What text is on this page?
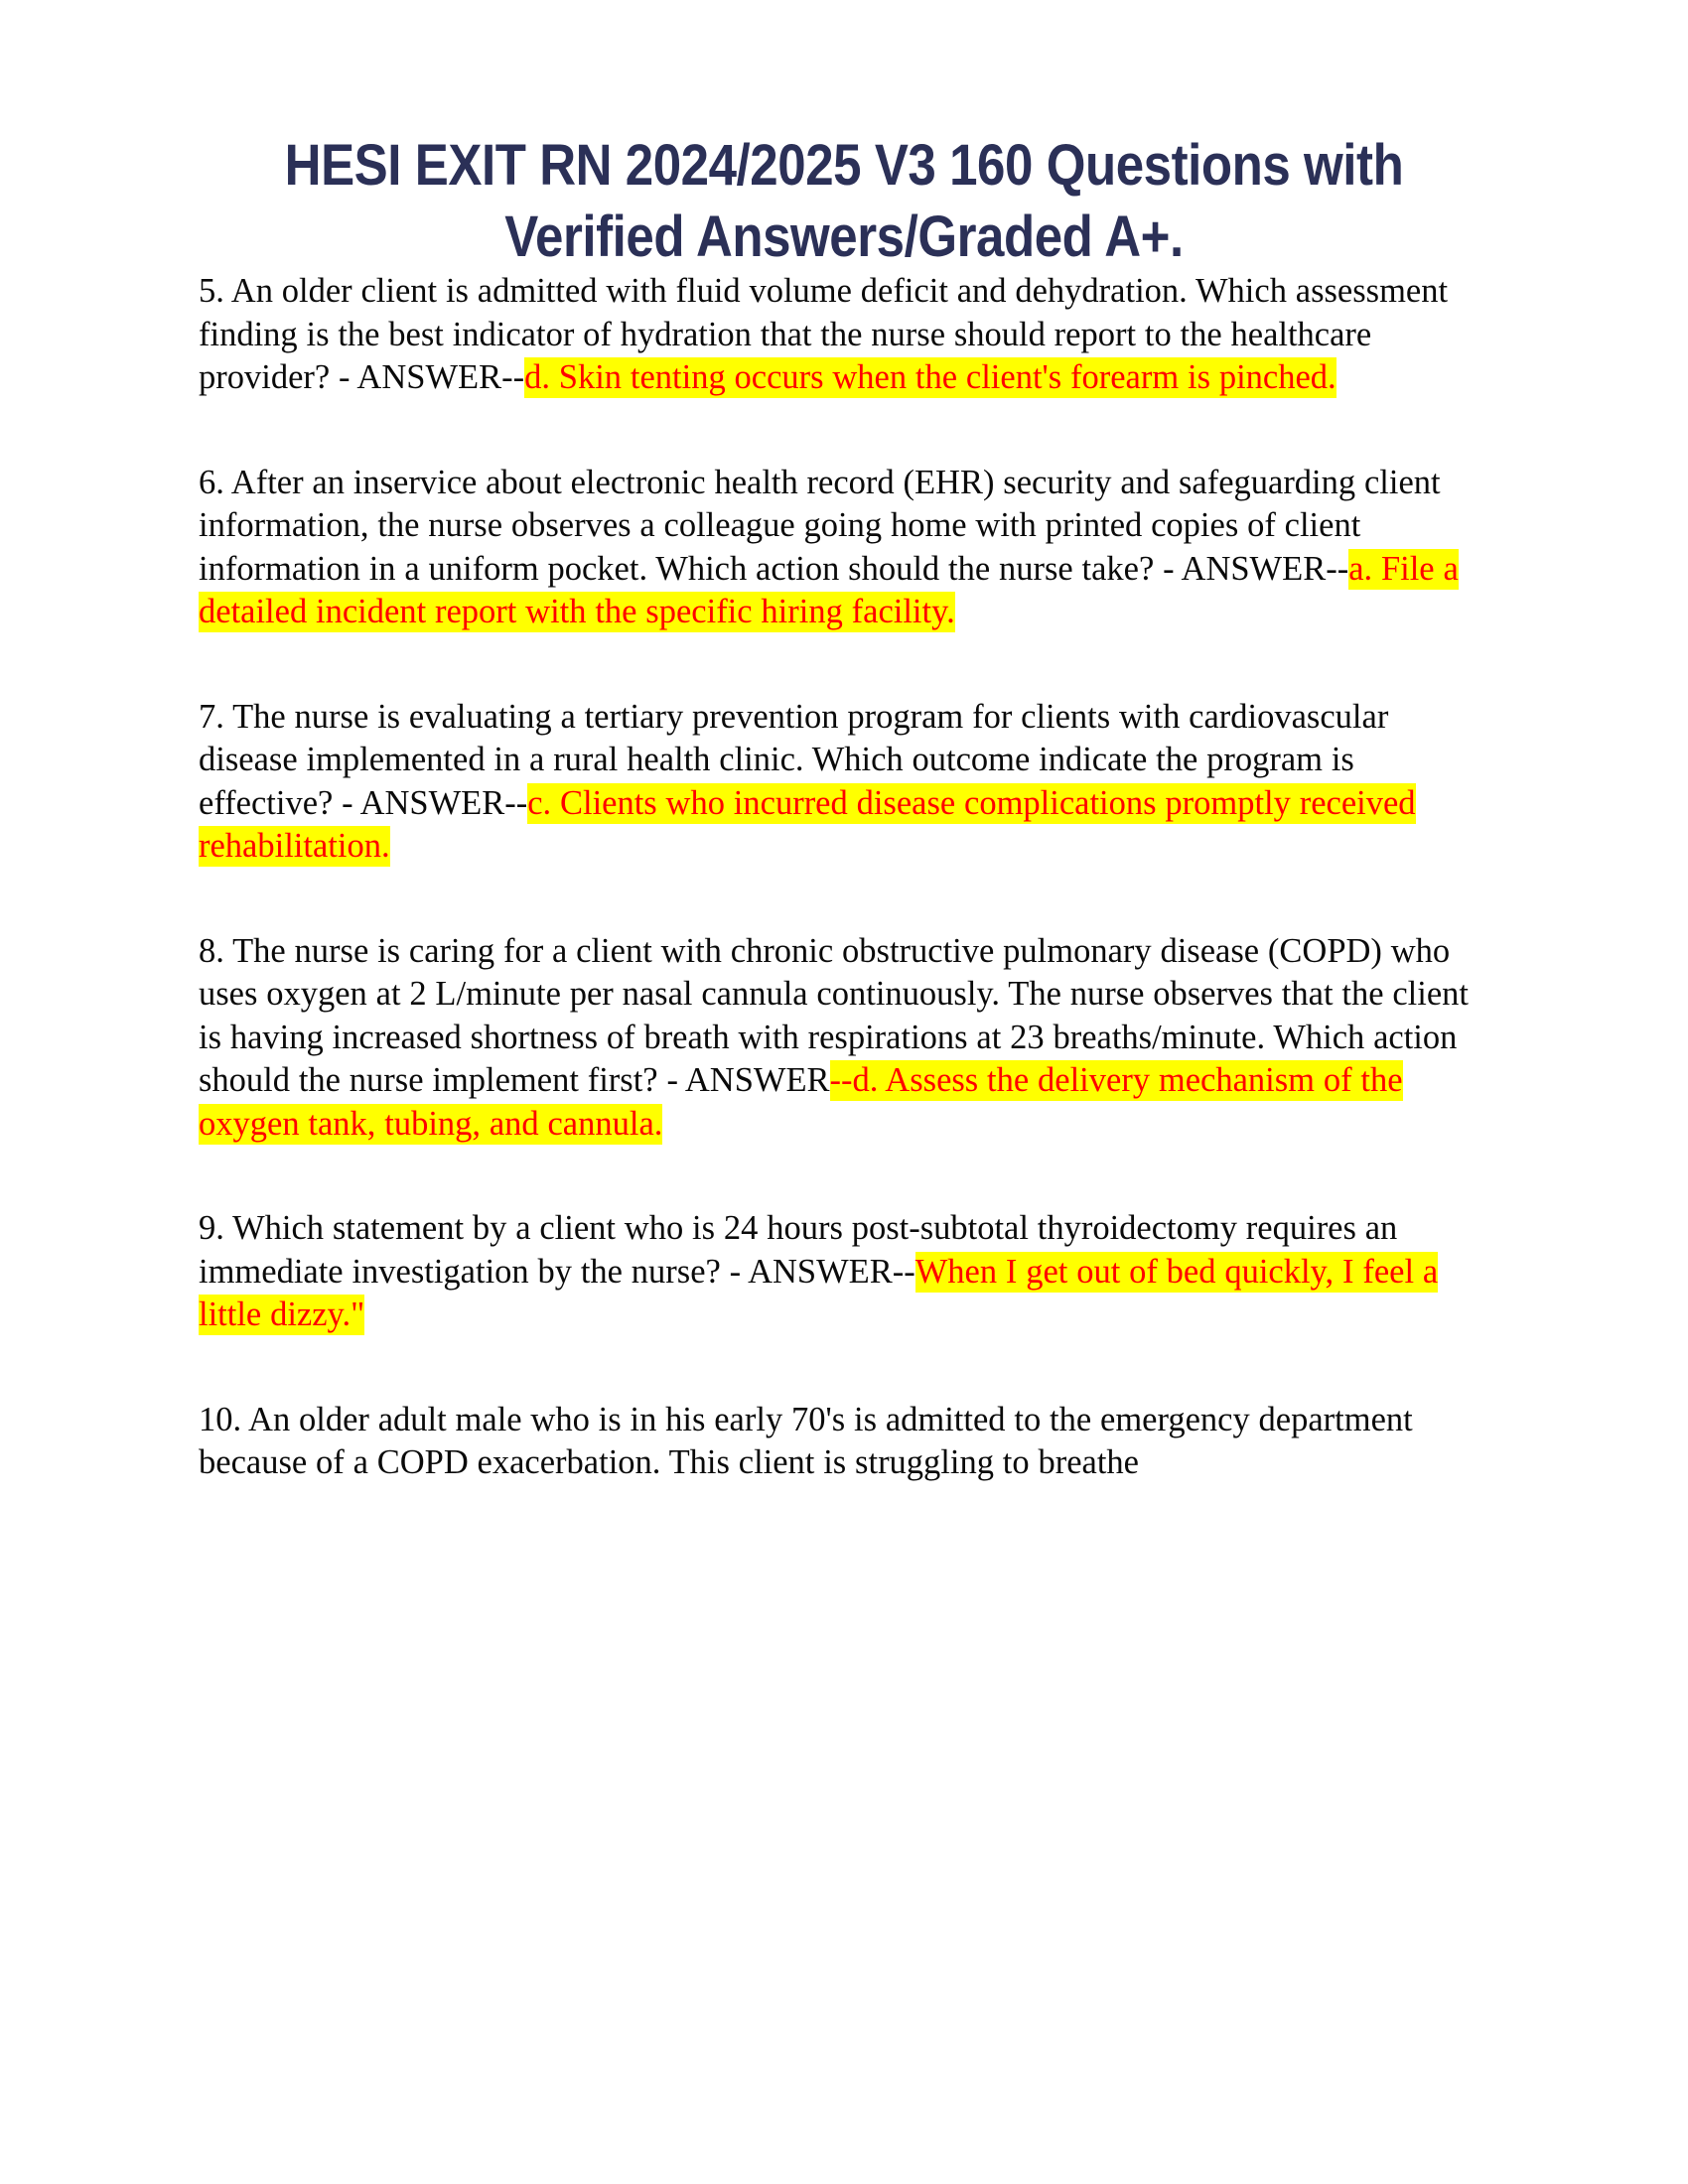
HESI EXIT RN 2024/2025 V3 160 Questions with
Verified Answers/Graded A+.

5. An older client is admitted with fluid volume deficit and dehydration. Which assessment finding is the best indicator of hydration that the nurse should report to the healthcare provider? - ANSWER--d. Skin tenting occurs when the client's forearm is pinched.

6. After an inservice about electronic health record (EHR) security and safeguarding client information, the nurse observes a colleague going home with printed copies of client information in a uniform pocket. Which action should the nurse take? - ANSWER--a. File a detailed incident report with the specific hiring facility.

7. The nurse is evaluating a tertiary prevention program for clients with cardiovascular disease implemented in a rural health clinic. Which outcome indicate the program is effective? - ANSWER--c. Clients who incurred disease complications promptly received rehabilitation.

8. The nurse is caring for a client with chronic obstructive pulmonary disease (COPD) who uses oxygen at 2 L/minute per nasal cannula continuously. The nurse observes that the client is having increased shortness of breath with respirations at 23 breaths/minute. Which action should the nurse implement first? - ANSWER--d. Assess the delivery mechanism of the oxygen tank, tubing, and cannula.

9. Which statement by a client who is 24 hours post-subtotal thyroidectomy requires an immediate investigation by the nurse? - ANSWER--When I get out of bed quickly, I feel a little dizzy."

10. An older adult male who is in his early 70's is admitted to the emergency department because of a COPD exacerbation. This client is struggling to breathe
